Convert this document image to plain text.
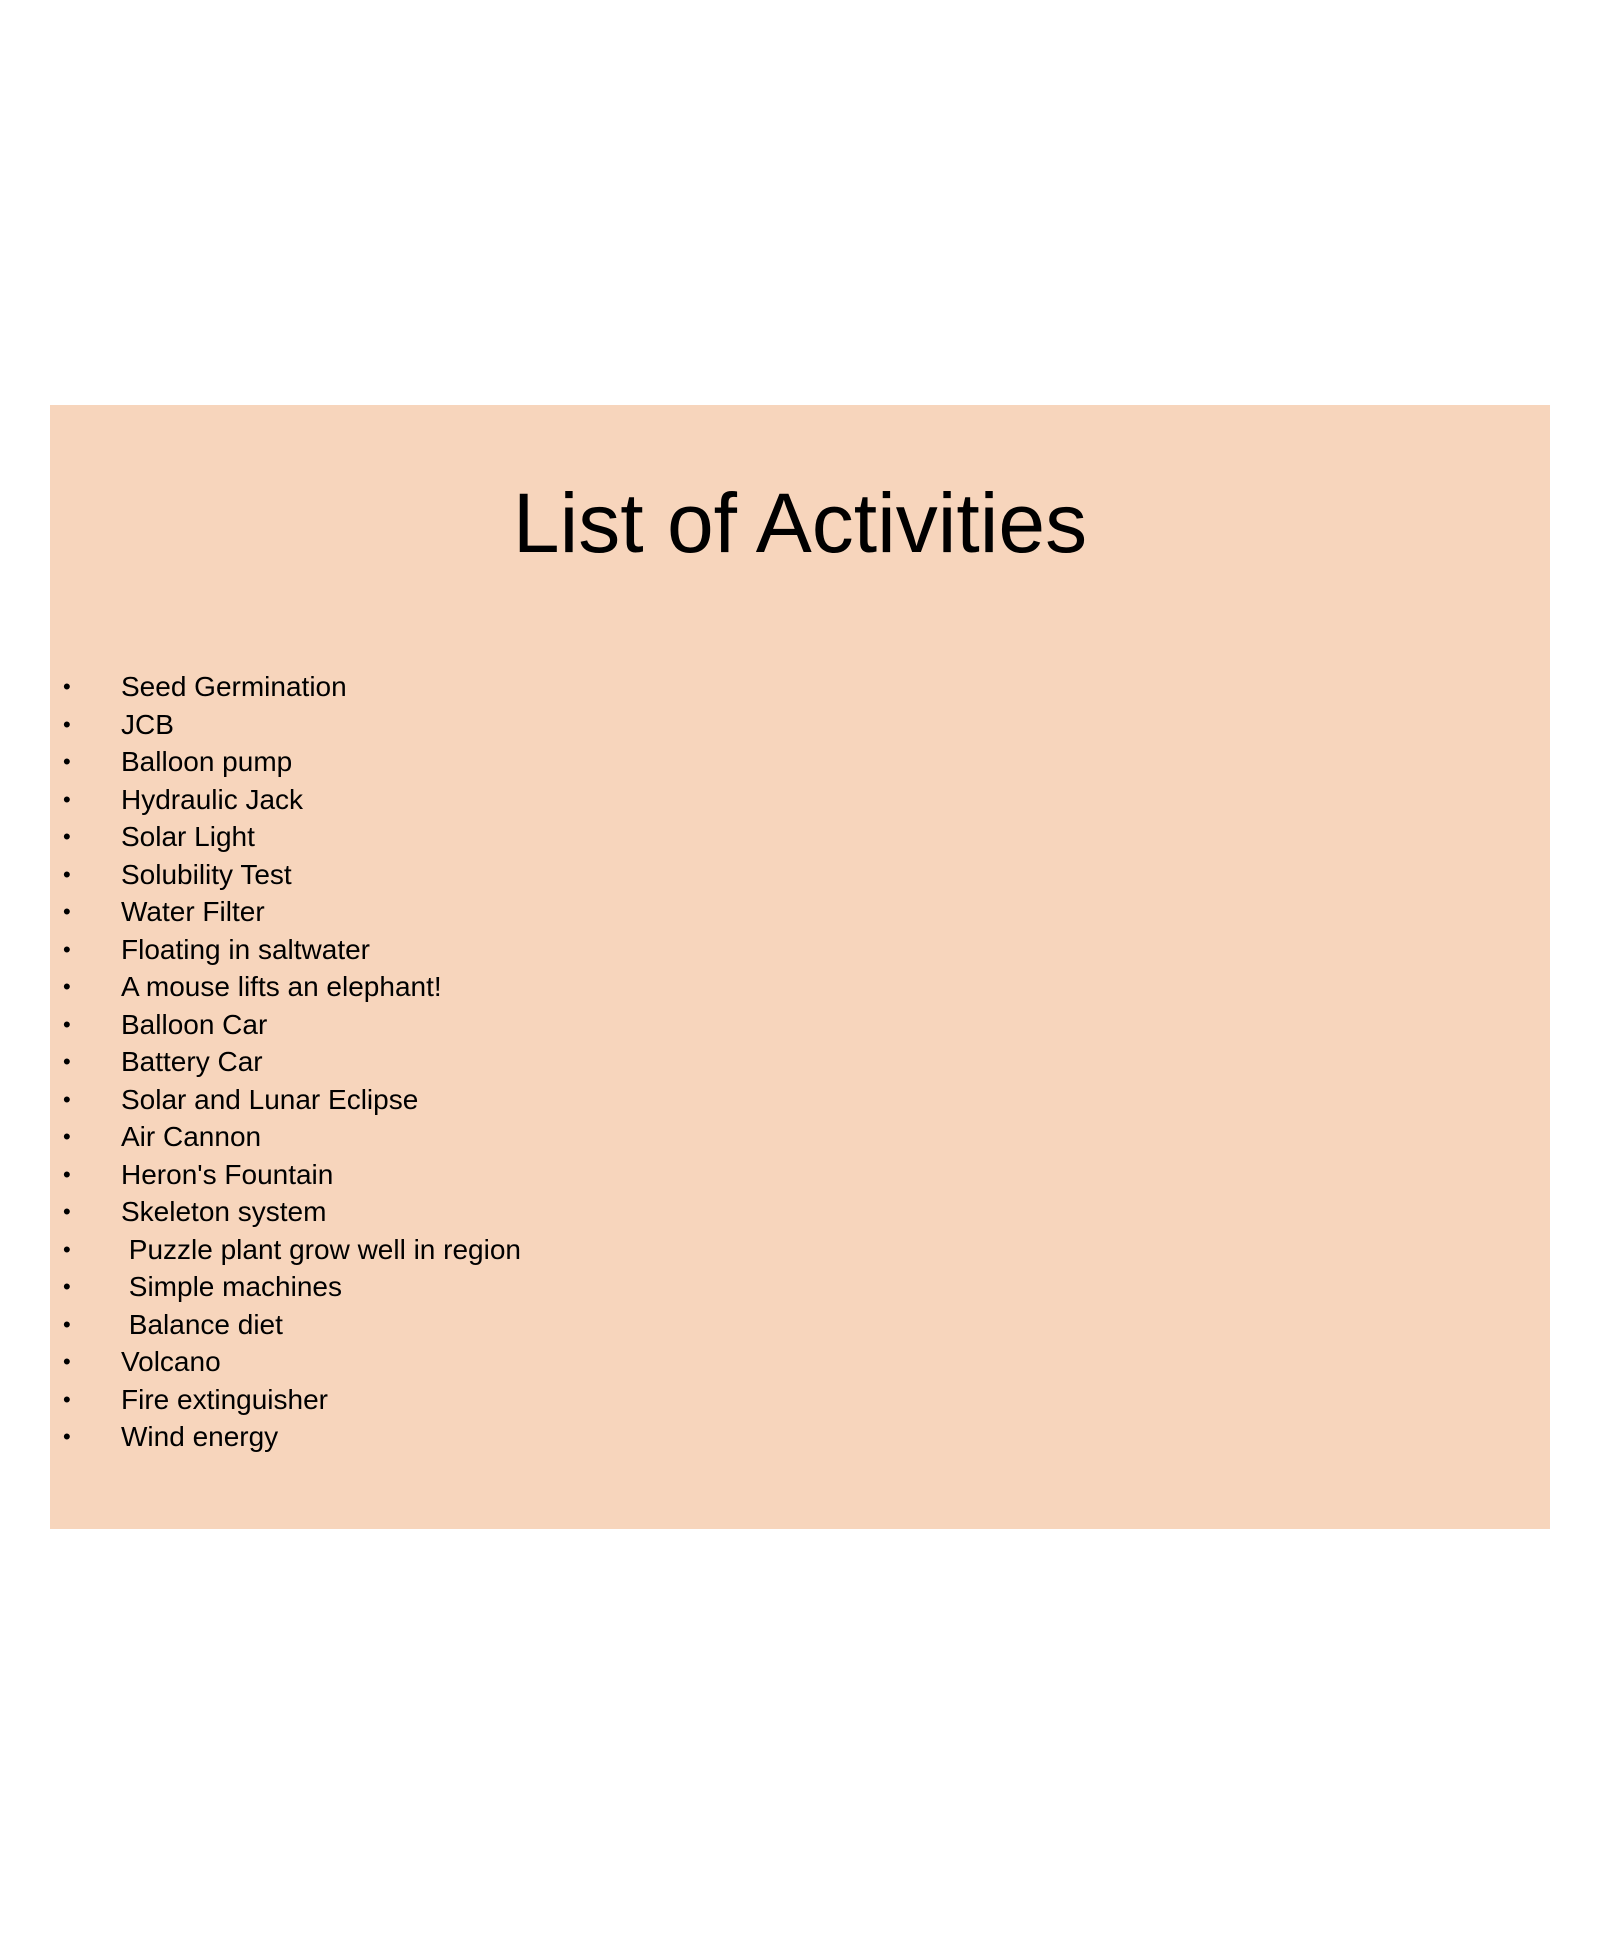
List of Activities
• Seed Germination
• JCB
• Balloon pump
• Hydraulic Jack
• Solar Light
• Solubility Test
• Water Filter
• Floating in saltwater
• A mouse lifts an elephant!
• Balloon Car
• Battery Car
• Solar and Lunar Eclipse
• Air Cannon
• Heron's Fountain
• Skeleton system
• Puzzle plant grow well in region
• Simple machines
• Balance diet
• Volcano
• Fire extinguisher
• Wind energy
